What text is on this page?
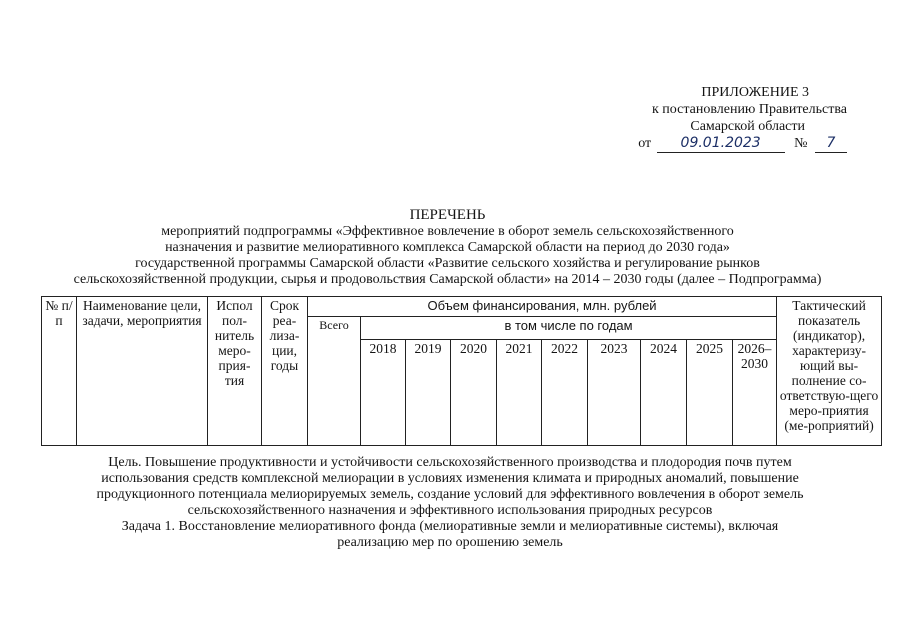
ПРИЛОЖЕНИЕ 3
к постановлению Правительства
Самарской области
от 09.01.2023 № 7
ПЕРЕЧЕНЬ
мероприятий подпрограммы «Эффективное вовлечение в оборот земель сельскохозяйственного
назначения и развитие мелиоративного комплекса Самарской области на период до 2030 года»
государственной программы Самарской области «Развитие сельского хозяйства и регулирование рынков
сельскохозяйственной продукции, сырья и продовольствия Самарской области» на 2014 – 2030 годы (далее – Подпрограмма)
№ п/п	Наименование цели, задачи, мероприятия	Испол пол-нитель меро-прия-тия	Срок реа-лиза-ции, годы	Объем финансирования, млн. рублей										Тактический показатель (индикатор), характеризу-ющий вы-полнение со-ответствую-щего меро-приятия (ме-роприятий)
				Всего	в том числе по годам									
					2018	2019	2020	2021	2022	2023	2024	2025	2026–2030	
Цель. Повышение продуктивности и устойчивости сельскохозяйственного производства и плодородия почв путем
использования средств комплексной мелиорации в условиях изменения климата и природных аномалий, повышение
продукционного потенциала мелиорируемых земель, создание условий для эффективного вовлечения в оборот земель
сельскохозяйственного назначения и эффективного использования природных ресурсов
Задача 1. Восстановление мелиоративного фонда (мелиоративные земли и мелиоративные системы), включая
реализацию мер по орошению земель
